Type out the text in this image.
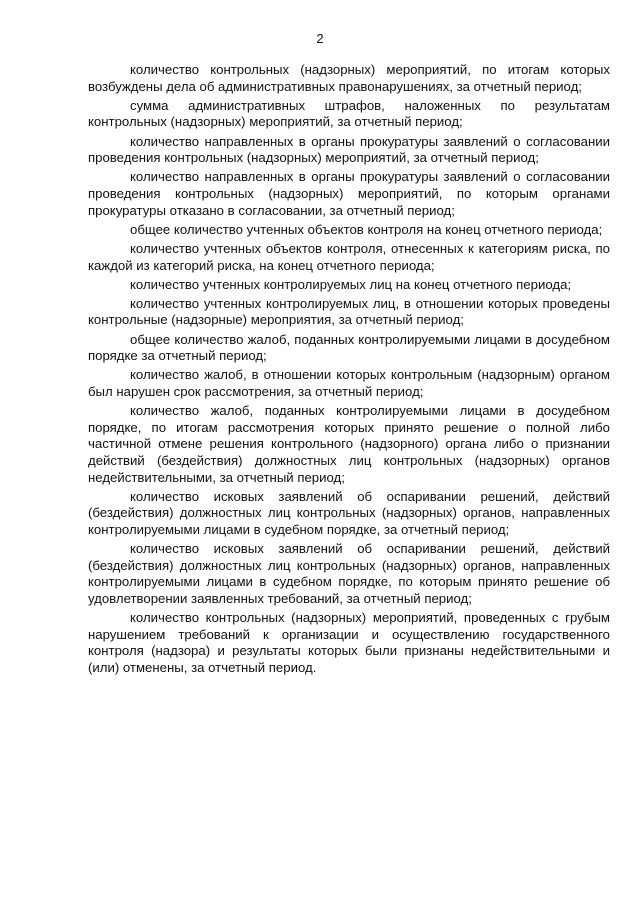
2

количество контрольных (надзорных) мероприятий, по итогам которых возбуждены дела об административных правонарушениях, за отчетный период;

сумма административных штрафов, наложенных по результатам контрольных (надзорных) мероприятий, за отчетный период;

количество направленных в органы прокуратуры заявлений о согласовании проведения контрольных (надзорных) мероприятий, за отчетный период;

количество направленных в органы прокуратуры заявлений о согласовании проведения контрольных (надзорных) мероприятий, по которым органами прокуратуры отказано в согласовании, за отчетный период;

общее количество учтенных объектов контроля на конец отчетного периода;

количество учтенных объектов контроля, отнесенных к категориям риска, по каждой из категорий риска, на конец отчетного периода;

количество учтенных контролируемых лиц на конец отчетного периода;

количество учтенных контролируемых лиц, в отношении которых проведены контрольные (надзорные) мероприятия, за отчетный период;

общее количество жалоб, поданных контролируемыми лицами в досудебном порядке за отчетный период;

количество жалоб, в отношении которых контрольным (надзорным) органом был нарушен срок рассмотрения, за отчетный период;

количество жалоб, поданных контролируемыми лицами в досудебном порядке, по итогам рассмотрения которых принято решение о полной либо частичной отмене решения контрольного (надзорного) органа либо о признании действий (бездействия) должностных лиц контрольных (надзорных) органов недействительными, за отчетный период;

количество исковых заявлений об оспаривании решений, действий (бездействия) должностных лиц контрольных (надзорных) органов, направленных контролируемыми лицами в судебном порядке, за отчетный период;

количество исковых заявлений об оспаривании решений, действий (бездействия) должностных лиц контрольных (надзорных) органов, направленных контролируемыми лицами в судебном порядке, по которым принято решение об удовлетворении заявленных требований, за отчетный период;

количество контрольных (надзорных) мероприятий, проведенных с грубым нарушением требований к организации и осуществлению государственного контроля (надзора) и результаты которых были признаны недействительными и (или) отменены, за отчетный период.
